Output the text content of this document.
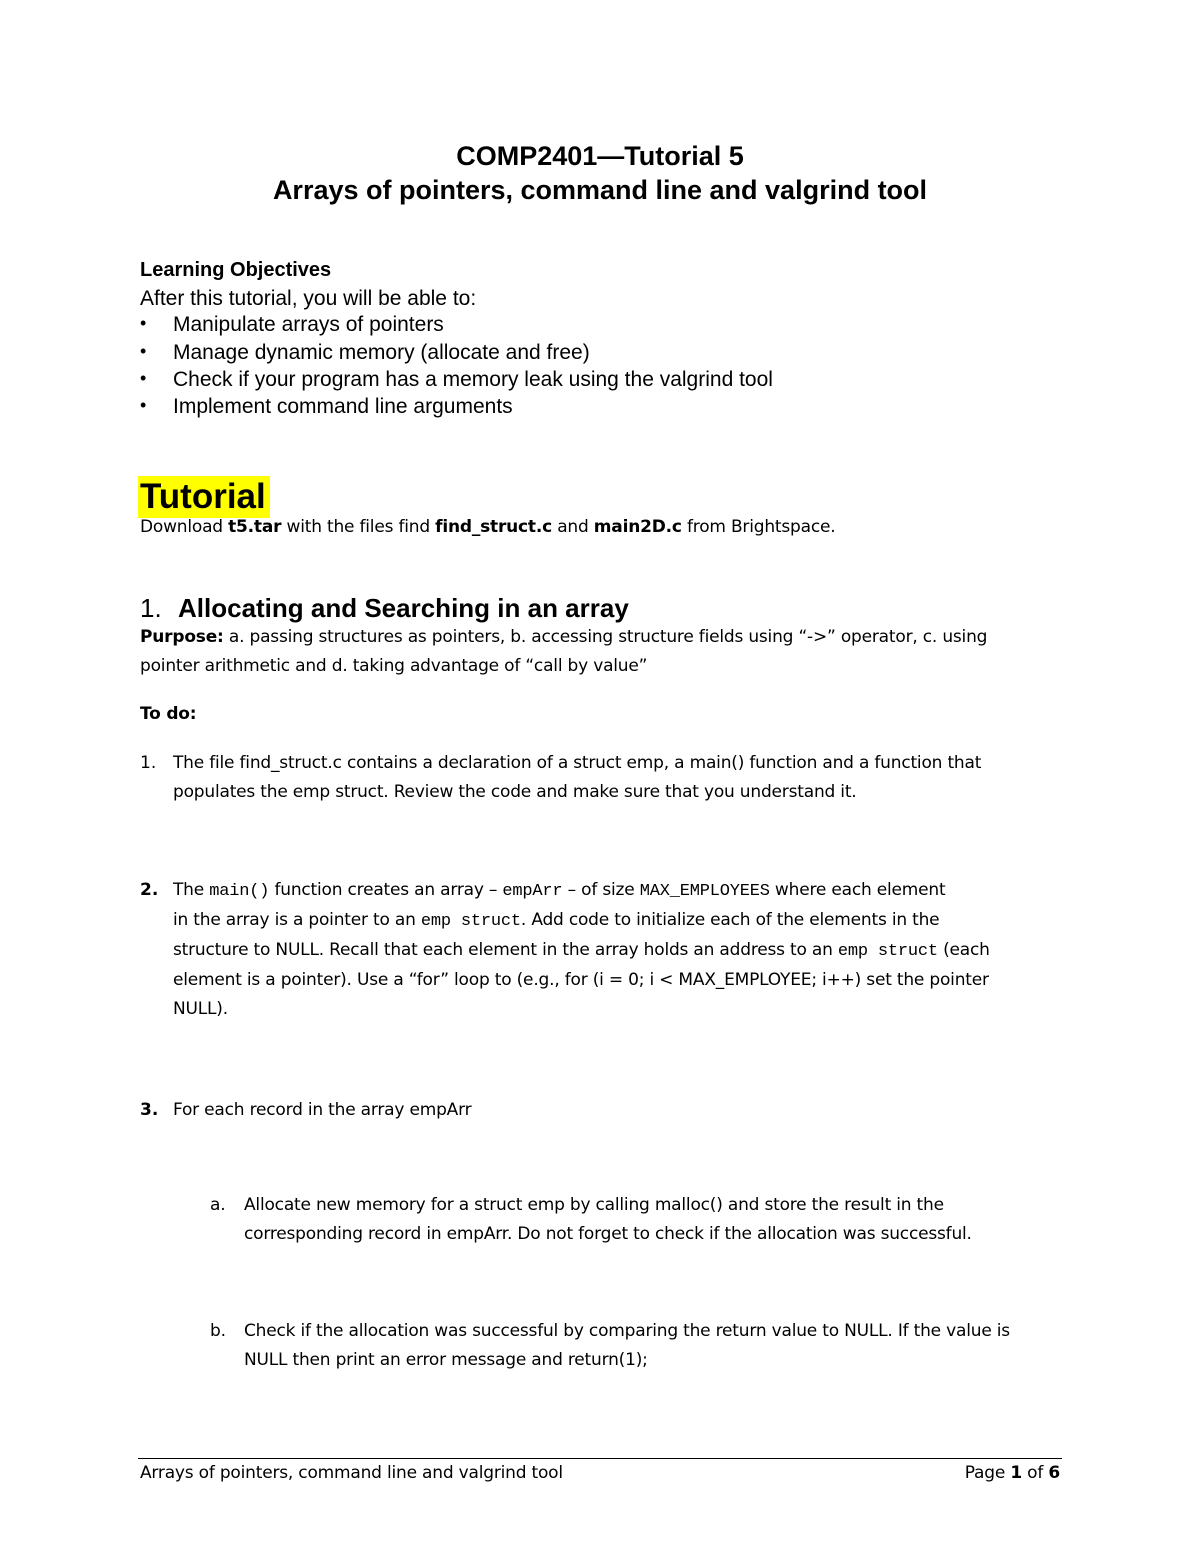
COMP2401—Tutorial 5
Arrays of pointers, command line and valgrind tool
Learning Objectives
After this tutorial, you will be able to:
• Manipulate arrays of pointers
• Manage dynamic memory (allocate and free)
• Check if your program has a memory leak using the valgrind tool
• Implement command line arguments
Tutorial
Download t5.tar with the files find find_struct.c and main2D.c from Brightspace.
1. Allocating and Searching in an array
Purpose: a. passing structures as pointers, b. accessing structure fields using “->” operator, c. using
pointer arithmetic and d. taking advantage of “call by value”
To do:
1. The file find_struct.c contains a declaration of a struct emp, a main() function and a function that
populates the emp struct. Review the code and make sure that you understand it.
2. The main() function creates an array – empArr – of size MAX_EMPLOYEES where each element
in the array is a pointer to an emp struct. Add code to initialize each of the elements in the
structure to NULL. Recall that each element in the array holds an address to an emp struct (each
element is a pointer). Use a “for” loop to (e.g., for (i = 0; i < MAX_EMPLOYEE; i++) set the pointer
NULL).
3. For each record in the array empArr
a. Allocate new memory for a struct emp by calling malloc() and store the result in the
corresponding record in empArr. Do not forget to check if the allocation was successful.
b. Check if the allocation was successful by comparing the return value to NULL. If the value is
NULL then print an error message and return(1);
Arrays of pointers, command line and valgrind tool	Page 1 of 6
